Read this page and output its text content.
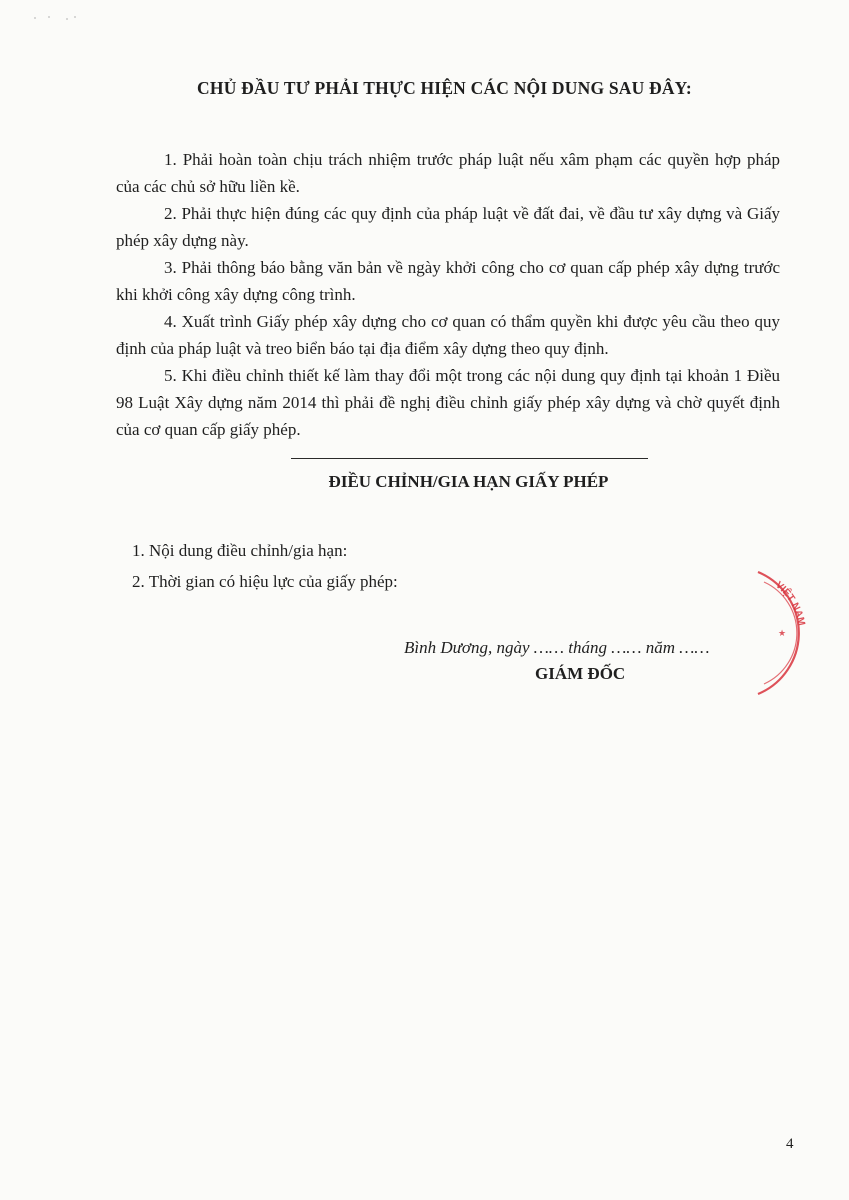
CHỦ ĐẦU TƯ PHẢI THỰC HIỆN CÁC NỘI DUNG SAU ĐÂY:
1. Phải hoàn toàn chịu trách nhiệm trước pháp luật nếu xâm phạm các quyền hợp pháp của các chủ sở hữu liền kề.
2. Phải thực hiện đúng các quy định của pháp luật về đất đai, về đầu tư xây dựng và Giấy phép xây dựng này.
3. Phải thông báo bằng văn bản về ngày khởi công cho cơ quan cấp phép xây dựng trước khi khởi công xây dựng công trình.
4. Xuất trình Giấy phép xây dựng cho cơ quan có thẩm quyền khi được yêu cầu theo quy định của pháp luật và treo biển báo tại địa điểm xây dựng theo quy định.
5. Khi điều chỉnh thiết kế làm thay đổi một trong các nội dung quy định tại khoản 1 Điều 98 Luật Xây dựng năm 2014 thì phải đề nghị điều chỉnh giấy phép xây dựng và chờ quyết định của cơ quan cấp giấy phép.
ĐIỀU CHỈNH/GIA HẠN GIẤY PHÉP
1. Nội dung điều chỉnh/gia hạn:
2. Thời gian có hiệu lực của giấy phép:
Bình Dương, ngày …… tháng …… năm ……
GIÁM ĐỐC
VIỆT NAM
★
4
